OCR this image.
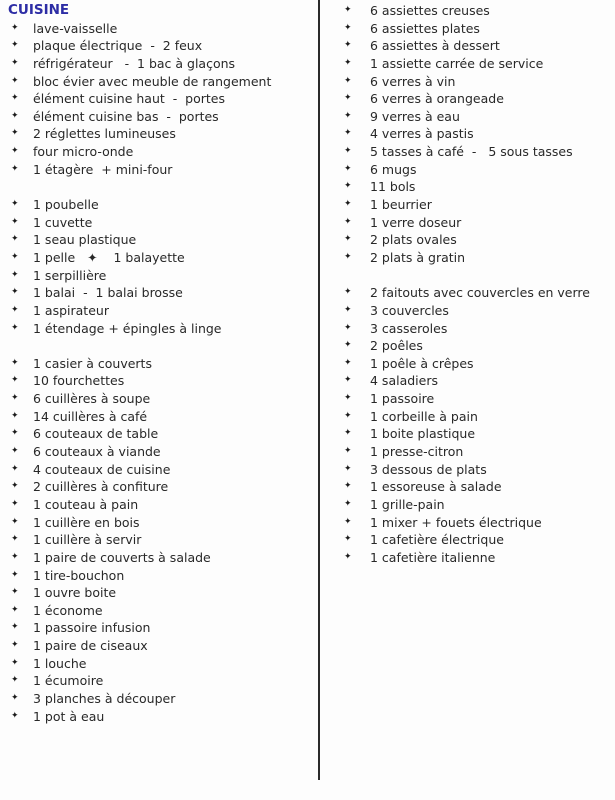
CUISINE
✦	lave-vaisselle
✦	plaque électrique  -  2 feux
✦	réfrigérateur   -  1 bac à glaçons
✦	bloc évier avec meuble de rangement
✦	élément cuisine haut  -  portes
✦	élément cuisine bas  -  portes
✦	2 réglettes lumineuses
✦	four micro-onde
✦	1 étagère  + mini-four
✦	1 poubelle
✦	1 cuvette
✦	1 seau plastique
✦	1 pelle   ✦    1 balayette
✦	1 serpillière
✦	1 balai  -  1 balai brosse
✦	1 aspirateur
✦	1 étendage + épingles à linge
✦	1 casier à couverts
✦	10 fourchettes
✦	6 cuillères à soupe
✦	14 cuillères à café
✦	6 couteaux de table
✦	6 couteaux à viande
✦	4 couteaux de cuisine
✦	2 cuillères à confiture
✦	1 couteau à pain
✦	1 cuillère en bois
✦	1 cuillère à servir
✦	1 paire de couverts à salade
✦	1 tire-bouchon
✦	1 ouvre boite
✦	1 économe
✦	1 passoire infusion
✦	1 paire de ciseaux
✦	1 louche
✦	1 écumoire
✦	3 planches à découper
✦	1 pot à eau
✦	6 assiettes creuses
✦	6 assiettes plates
✦	6 assiettes à dessert
✦	1 assiette carrée de service
✦	6 verres à vin
✦	6 verres à orangeade
✦	9 verres à eau
✦	4 verres à pastis
✦	5 tasses à café  -   5 sous tasses
✦	6 mugs
✦	11 bols
✦	1 beurrier
✦	1 verre doseur
✦	2 plats ovales
✦	2 plats à gratin
✦	2 faitouts avec couvercles en verre
✦	3 couvercles
✦	3 casseroles
✦	2 poêles
✦	1 poêle à crêpes
✦	4 saladiers
✦	1 passoire
✦	1 corbeille à pain
✦	1 boite plastique
✦	1 presse-citron
✦	3 dessous de plats
✦	1 essoreuse à salade
✦	1 grille-pain
✦	1 mixer + fouets électrique
✦	1 cafetière électrique
✦	1 cafetière italienne
